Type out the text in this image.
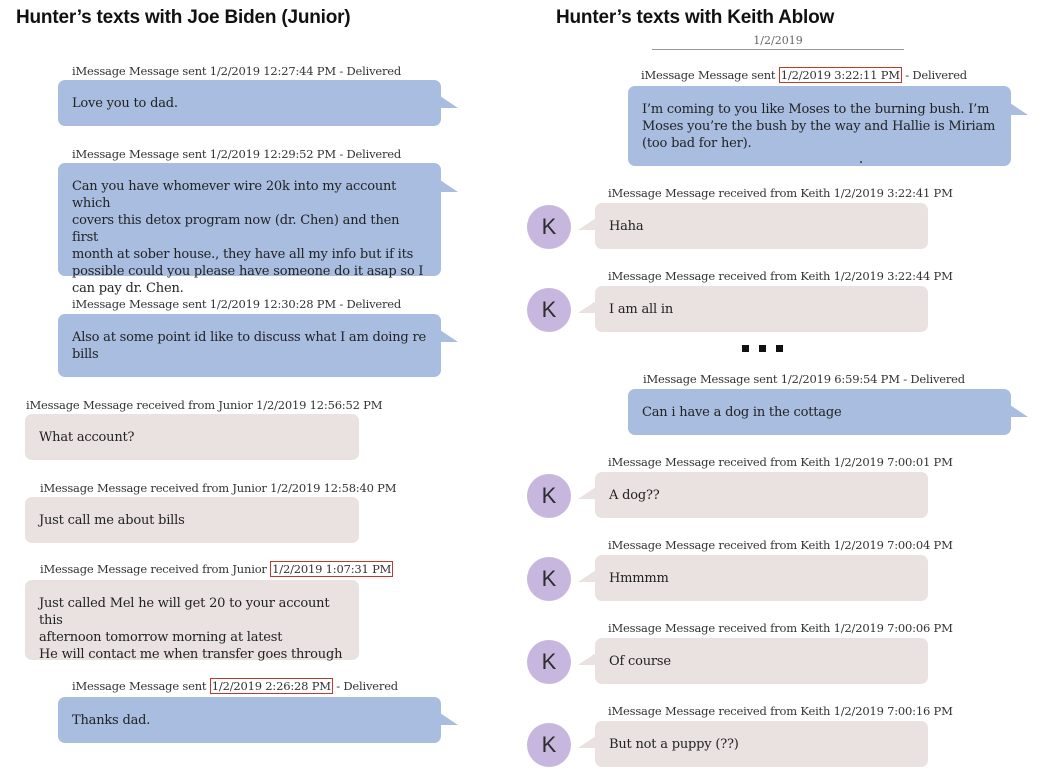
Hunter’s texts with Joe Biden (Junior)	Hunter’s texts with Keith Ablow
iMessage Message sent 1/2/2019 12:27:44 PM - Delivered
Love you to dad.
iMessage Message sent 1/2/2019 12:29:52 PM - Delivered
Can you have whomever wire 20k into my account which
covers this detox program now (dr. Chen) and then first
month at sober house., they have all my info but if its
possible could you please have someone do it asap so I
can pay dr. Chen.
iMessage Message sent 1/2/2019 12:30:28 PM - Delivered
Also at some point id like to discuss what I am doing re
bills
iMessage Message received from Junior 1/2/2019 12:56:52 PM
What account?
iMessage Message received from Junior 1/2/2019 12:58:40 PM
Just call me about bills
iMessage Message received from Junior 1/2/2019 1:07:31 PM
Just called Mel he will get 20 to your account this
afternoon tomorrow morning at latest
He will contact me when transfer goes through
iMessage Message sent 1/2/2019 2:26:28 PM - Delivered
Thanks dad.
1/2/2019
iMessage Message sent 1/2/2019 3:22:11 PM - Delivered
I’m coming to you like Moses to the burning bush. I’m
Moses you’re the bush by the way and Hallie is Miriam
(too bad for her).
iMessage Message received from Keith 1/2/2019 3:22:41 PM
K	Haha
iMessage Message received from Keith 1/2/2019 3:22:44 PM
K	I am all in
iMessage Message sent 1/2/2019 6:59:54 PM - Delivered
Can i have a dog in the cottage
iMessage Message received from Keith 1/2/2019 7:00:01 PM
K	A dog??
iMessage Message received from Keith 1/2/2019 7:00:04 PM
K	Hmmmm
iMessage Message received from Keith 1/2/2019 7:00:06 PM
K	Of course
iMessage Message received from Keith 1/2/2019 7:00:16 PM
K	But not a puppy (??)
